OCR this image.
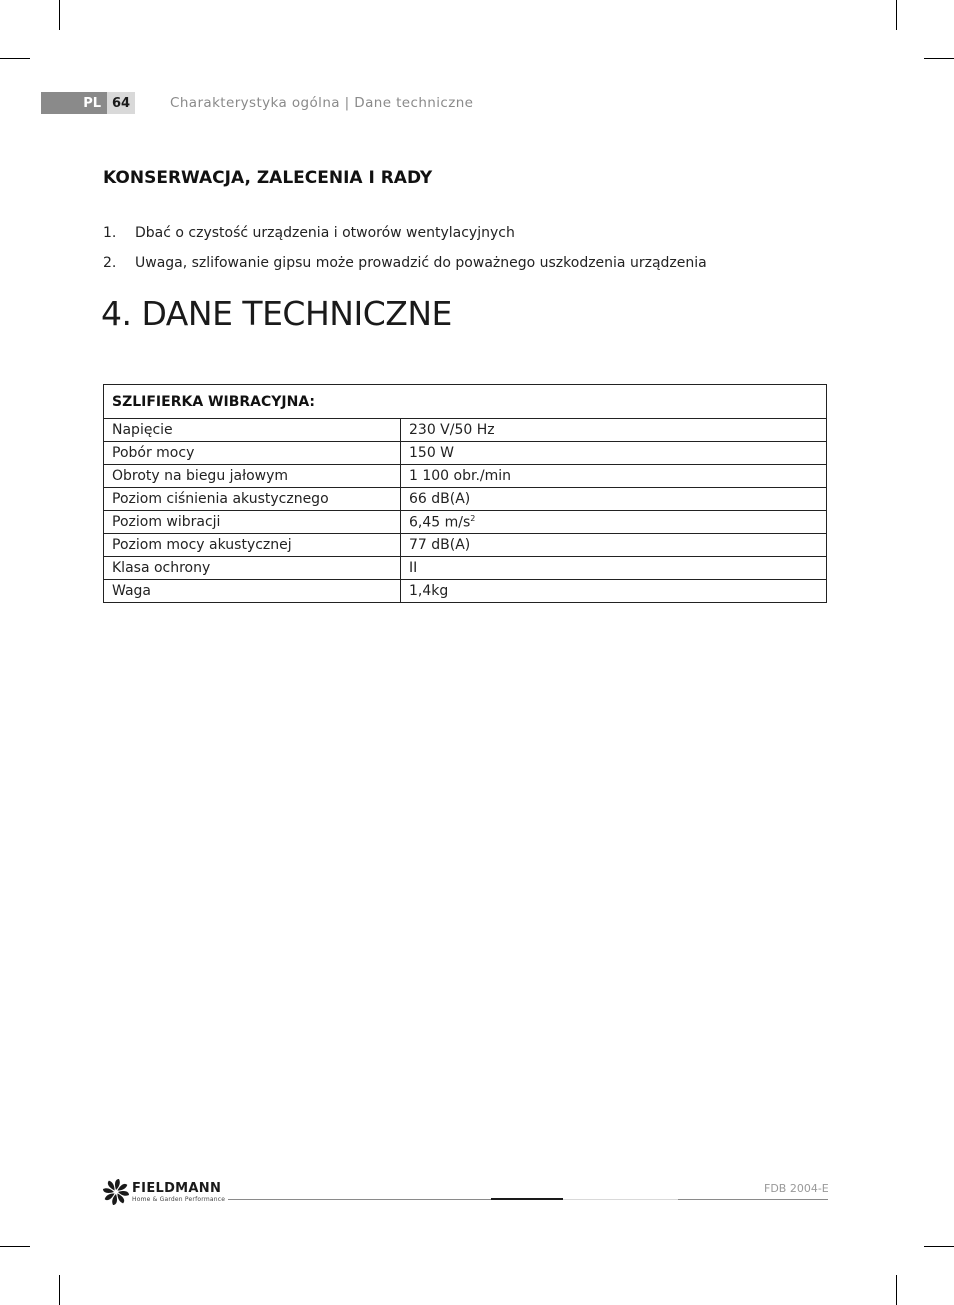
PL 64	Charakterystyka ogólna | Dane techniczne
KONSERWACJA, ZALECENIA I RADY
1.	Dbać o czystość urządzenia i otworów wentylacyjnych
2.	Uwaga, szlifowanie gipsu może prowadzić do poważnego uszkodzenia urządzenia
4. DANE TECHNICZNE
SZLIFIERKA WIBRACYJNA:	
Napięcie	230 V/50 Hz
Pobór mocy	150 W
Obroty na biegu jałowym	1 100 obr./min
Poziom ciśnienia akustycznego	66 dB(A)
Poziom wibracji	6,45 $m/s^2$
Poziom mocy akustycznej	77 dB(A)
Klasa ochrony	II
Waga	1,4kg
FIELDMANN
Home & Garden Performance
FDB 2004-E
